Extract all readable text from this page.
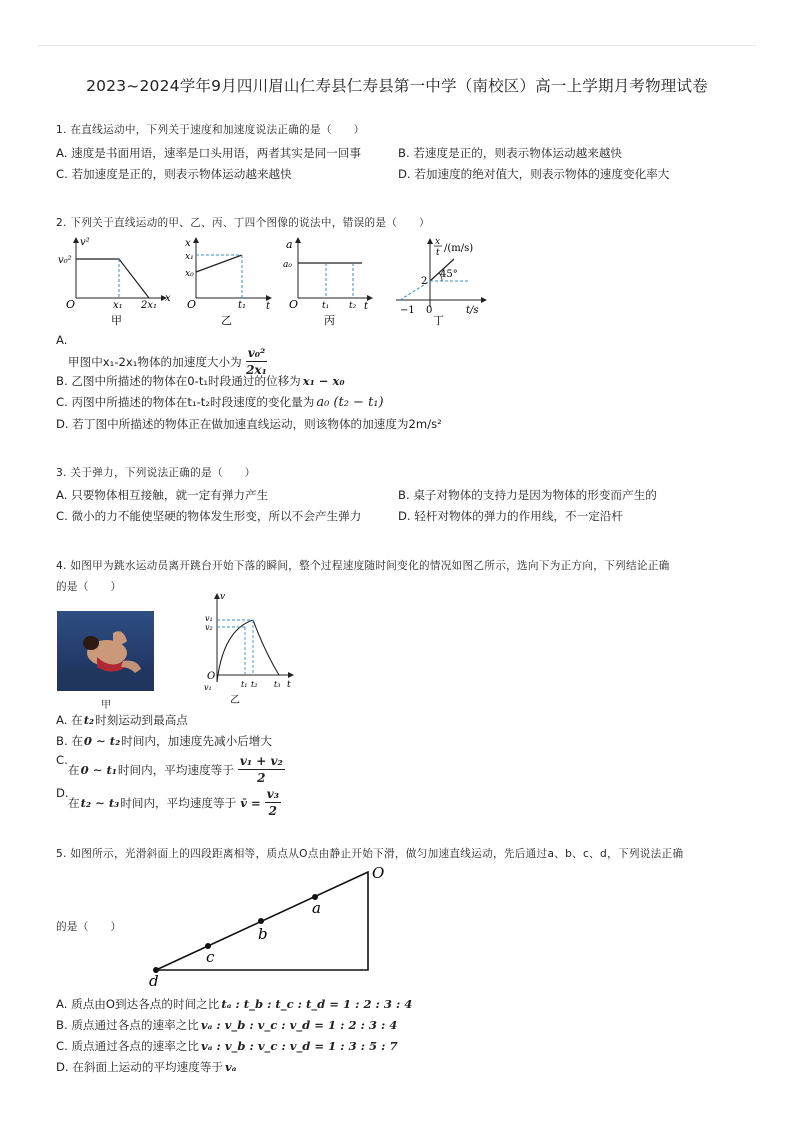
2023~2024学年9月四川眉山仁寿县仁寿县第一中学（南校区）高一上学期月考物理试卷
1. 在直线运动中，下列关于速度和加速度说法正确的是（　　）
A. 速度是书面用语，速率是口头用语，两者其实是同一回事	B. 若速度是正的，则表示物体运动越来越快
C. 若加速度是正的，则表示物体运动越来越快	D. 若加速度的绝对值大，则表示物体的速度变化率大
2. 下列关于直线运动的甲、乙、丙、丁四个图像的说法中，错误的是（　　）
v²
v₀²
O	x₁ 2x₁
x
甲
x
x₁
x₀
O	t₁ t
乙
a
a₀
O	t₁ t₂ t
丙
x
t /(m/s)
2
45°
−1 0	t/s
丁
A.
甲图中x₁-2x₁物体的加速度大小为 $\frac{\text{v₀²}}{\text{2x₁}}$
B. 乙图中所描述的物体在0-t₁时段通过的位移为 x₁ − x₀
C. 丙图中所描述的物体在t₁-t₂时段速度的变化量为 a₀ (t₂ − t₁)
D. 若丁图中所描述的物体正在做加速直线运动，则该物体的加速度为2m/s²
3. 关于弹力，下列说法正确的是（　　）
A. 只要物体相互接触，就一定有弹力产生	B. 桌子对物体的支持力是因为物体的形变而产生的
C. 微小的力不能使坚硬的物体发生形变，所以不会产生弹力	D. 轻杆对物体的弹力的作用线，不一定沿杆
4. 如图甲为跳水运动员离开跳台开始下落的瞬间，整个过程速度随时间变化的情况如图乙所示，选向下为正方向，下列结论正确
的是（　　）
甲
v
v₁
v₂
O
v₁	t₁ t₂ t₃ t
乙
A. 在t₂时刻运动到最高点
B. 在0 ∼ t₂时间内，加速度先减小后增大
C.
在 0 ∼ t₁ 时间内，平均速度等于 $\frac{\text{v₁ + v₂}}{2}$
D.
在 t₂ ∼ t₃ 时间内，平均速度等于 v̄ = $\frac{\text{v₃}}{2}$
5. 如图所示，光滑斜面上的四段距离相等，质点从O点由静止开始下滑，做匀加速直线运动，先后通过a、b、c、d，下列说法正确
O
a
b
c
d
的是（　　）
A. 质点由O到达各点的时间之比 tₐ : t_b : t_c : t_d = 1 : 2 : 3 : 4
B. 质点通过各点的速率之比 vₐ : v_b : v_c : v_d = 1 : 2 : 3 : 4
C. 质点通过各点的速率之比 vₐ : v_b : v_c : v_d = 1 : 3 : 5 : 7
D. 在斜面上运动的平均速度等于 vₐ
